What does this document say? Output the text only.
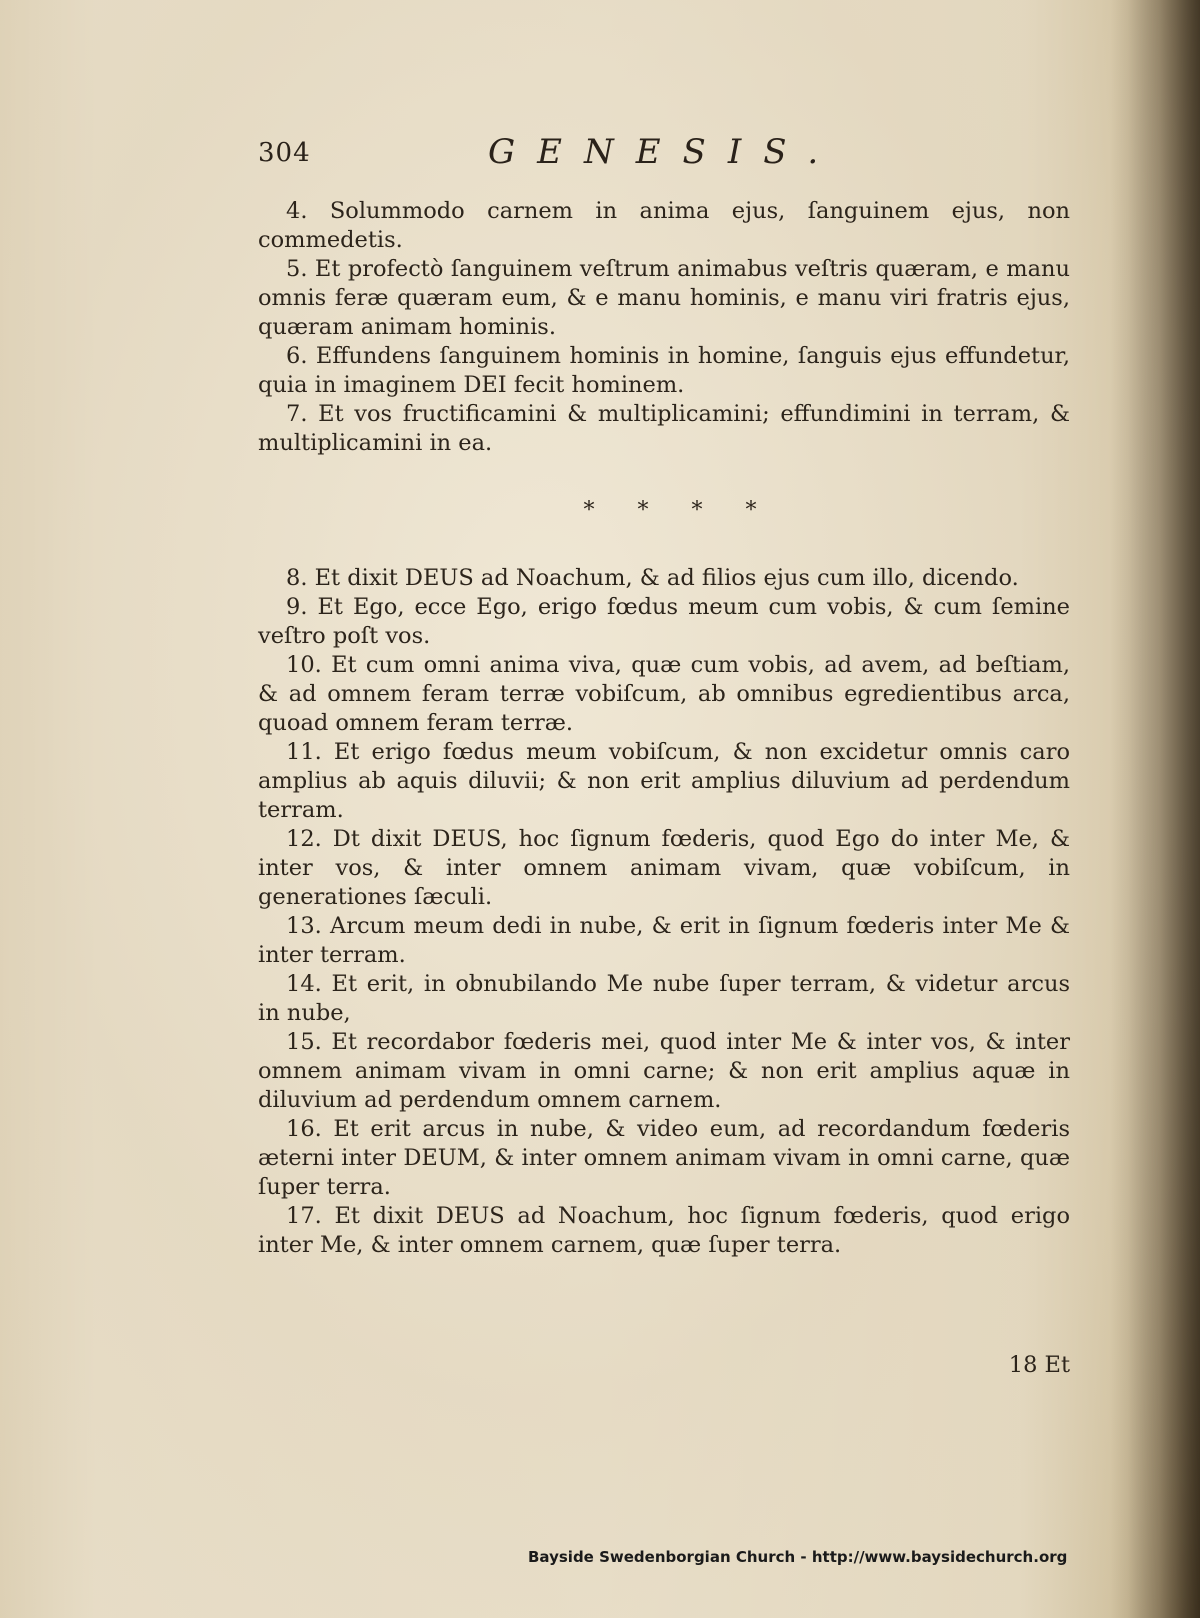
304	GENESIS.

4. Solummodo carnem in anima ejus, ſanguinem ejus, non commedetis.

5. Et profectò ſanguinem veſtrum animabus veſtris quæram, e manu omnis feræ quæram eum, & e manu hominis, e manu viri fratris ejus, quæram animam hominis.

6. Effundens ſanguinem hominis in homine, ſanguis ejus effundetur, quia in imaginem DEI fecit hominem.

7. Et vos fructificamini & multiplicamini; effundimini in terram, & multiplicamini in ea.

* * * *

8. Et dixit DEUS ad Noachum, & ad filios ejus cum illo, dicendo.

9. Et Ego, ecce Ego, erigo fœdus meum cum vobis, & cum ſemine veſtro poſt vos.

10. Et cum omni anima viva, quæ cum vobis, ad avem, ad beſtiam, & ad omnem feram terræ vobiſcum, ab omnibus egredientibus arca, quoad omnem feram terræ.

11. Et erigo fœdus meum vobiſcum, & non excidetur omnis caro amplius ab aquis diluvii; & non erit amplius diluvium ad perdendum terram.

12. Dt dixit DEUS, hoc ſignum fœderis, quod Ego do inter Me, & inter vos, & inter omnem animam vivam, quæ vobiſcum, in generationes ſæculi.

13. Arcum meum dedi in nube, & erit in ſignum fœderis inter Me & inter terram.

14. Et erit, in obnubilando Me nube ſuper terram, & videtur arcus in nube,

15. Et recordabor fœderis mei, quod inter Me & inter vos, & inter omnem animam vivam in omni carne; & non erit amplius aquæ in diluvium ad perdendum omnem carnem.

16. Et erit arcus in nube, & video eum, ad recordandum fœderis æterni inter DEUM, & inter omnem animam vivam in omni carne, quæ ſuper terra.

17. Et dixit DEUS ad Noachum, hoc ſignum fœderis, quod erigo inter Me, & inter omnem carnem, quæ ſuper terra.

18 Et
Bayside Swedenborgian Church - http://www.baysidechurch.org
